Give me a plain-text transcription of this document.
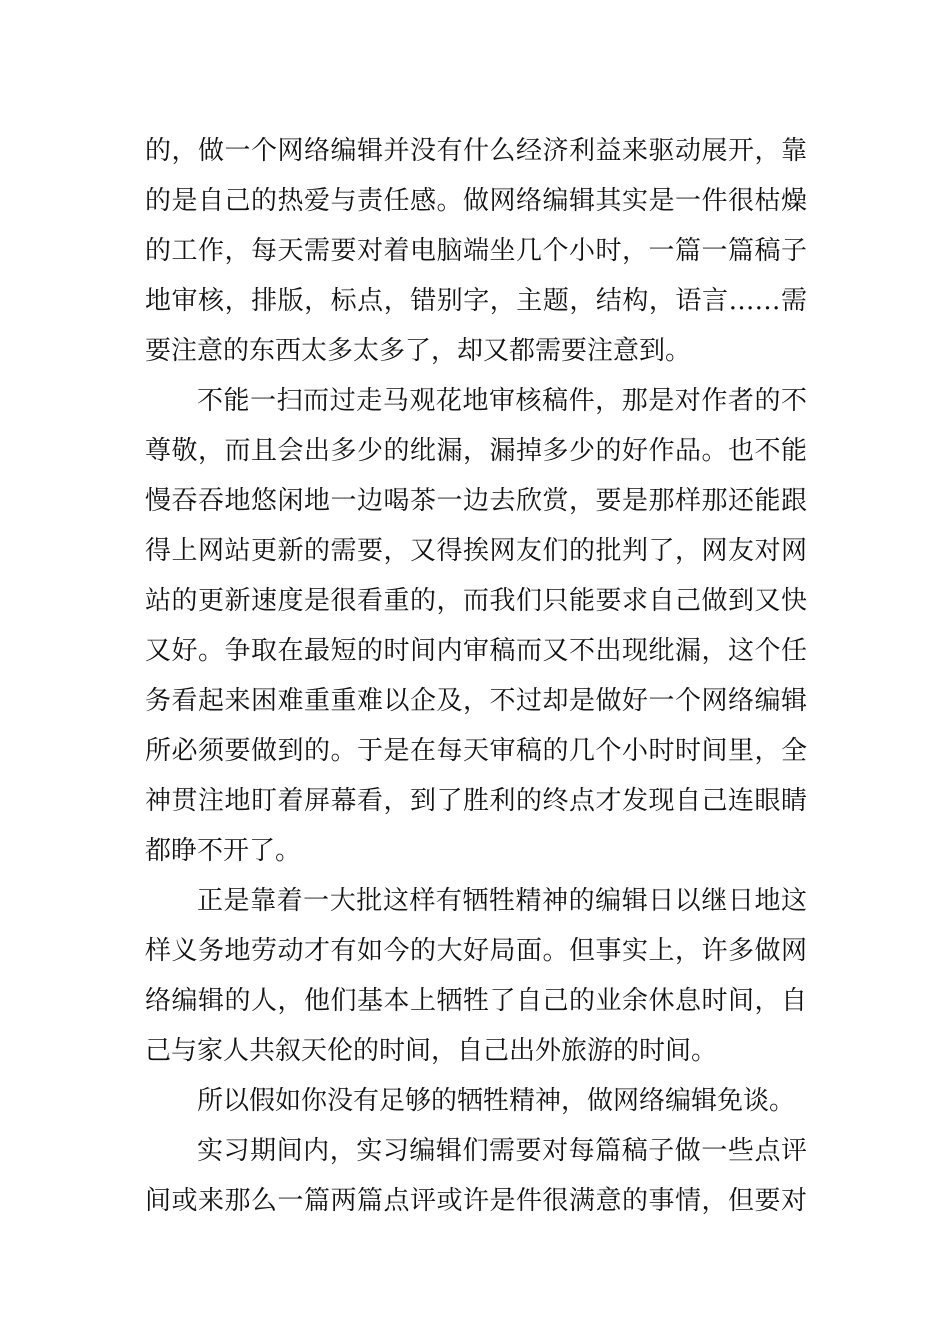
的，做一个网络编辑并没有什么经济利益来驱动展开，靠
的是自己的热爱与责任感。做网络编辑其实是一件很枯燥
的工作，每天需要对着电脑端坐几个小时，一篇一篇稿子
地审核，排版，标点，错别字，主题，结构，语言……需
要注意的东西太多太多了，却又都需要注意到。
不能一扫而过走马观花地审核稿件，那是对作者的不
尊敬，而且会出多少的纰漏，漏掉多少的好作品。也不能
慢吞吞地悠闲地一边喝茶一边去欣赏，要是那样那还能跟
得上网站更新的需要，又得挨网友们的批判了，网友对网
站的更新速度是很看重的，而我们只能要求自己做到又快
又好。争取在最短的时间内审稿而又不出现纰漏，这个任
务看起来困难重重难以企及，不过却是做好一个网络编辑
所必须要做到的。于是在每天审稿的几个小时时间里，全
神贯注地盯着屏幕看，到了胜利的终点才发现自己连眼睛
都睁不开了。
正是靠着一大批这样有牺牲精神的编辑日以继日地这
样义务地劳动才有如今的大好局面。但事实上，许多做网
络编辑的人，他们基本上牺牲了自己的业余休息时间，自
己与家人共叙天伦的时间，自己出外旅游的时间。
所以假如你没有足够的牺牲精神，做网络编辑免谈。
实习期间内，实习编辑们需要对每篇稿子做一些点评
间或来那么一篇两篇点评或许是件很满意的事情，但要对
